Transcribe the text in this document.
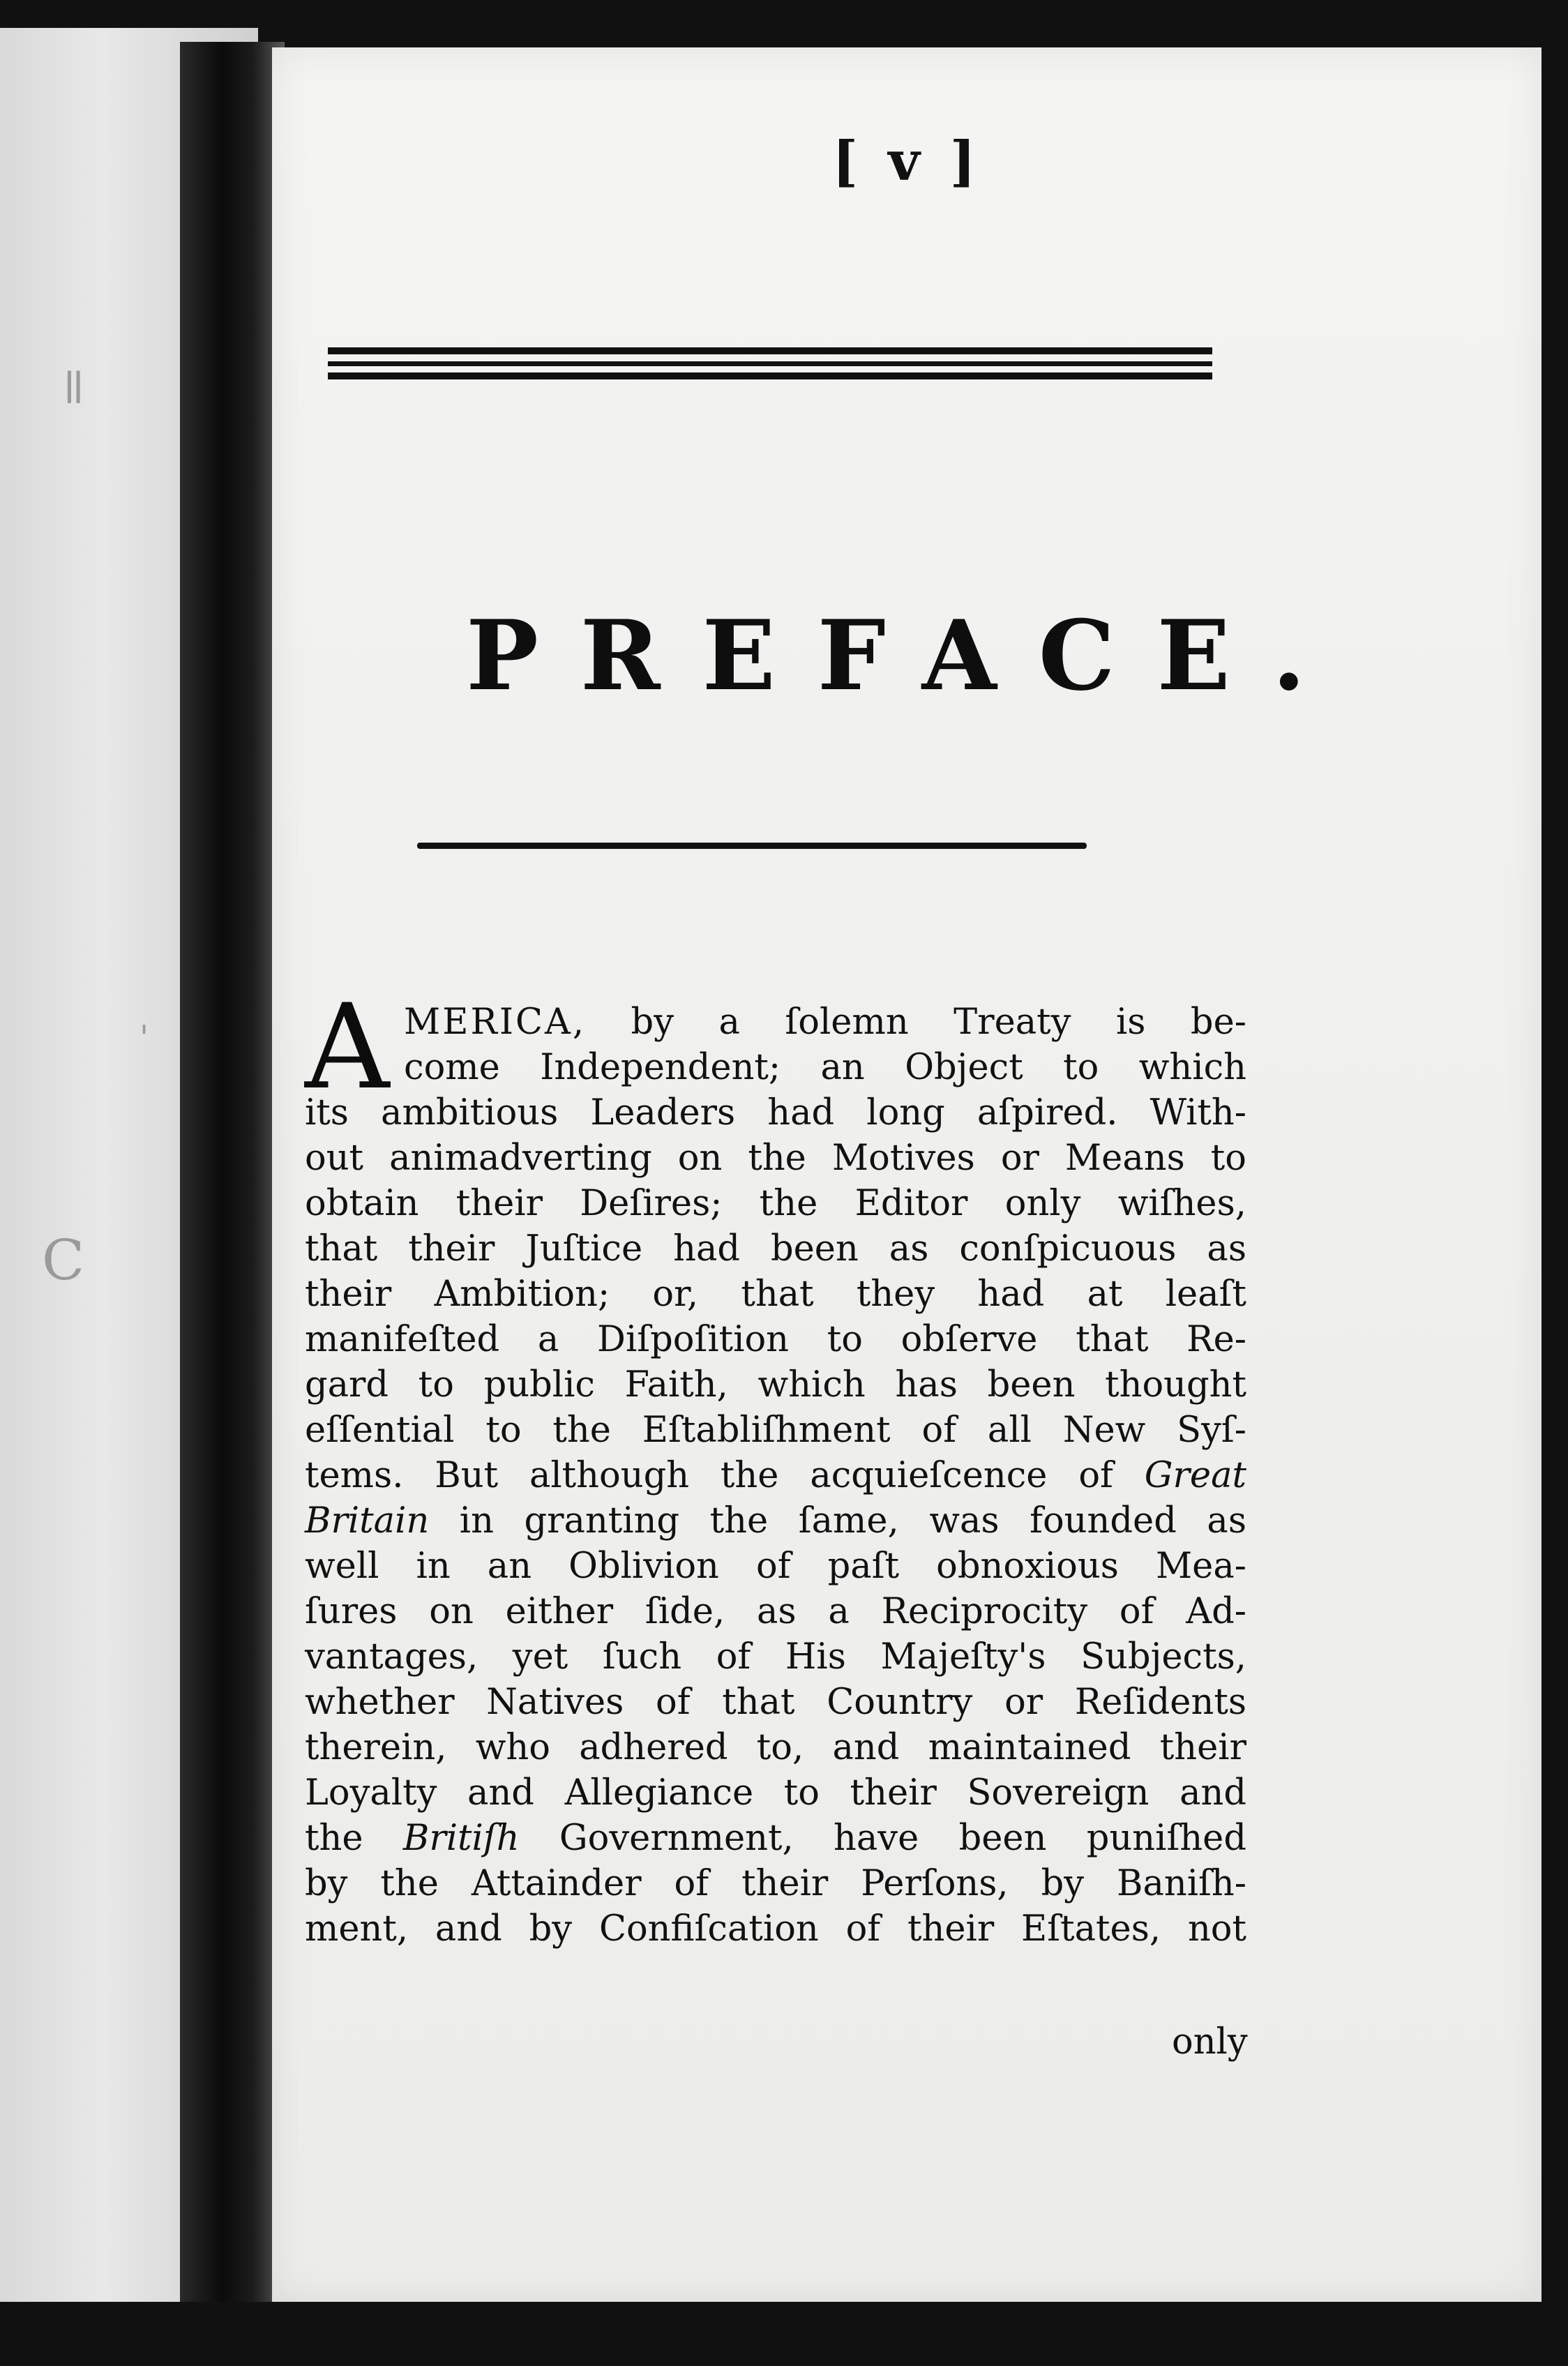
ǁ
C
'
[ v ]
PREFACE.
A MERICA, by a ſolemn Treaty is be-
come Independent; an Object to which
its ambitious Leaders had long aſpired. With-
out animadverting on the Motives or Means to
obtain their Deſires; the Editor only wiſhes,
that their Juſtice had been as conſpicuous as
their Ambition; or, that they had at leaſt
manifeſted a Diſpoſition to obſerve that Re-
gard to public Faith, which has been thought
eſſential to the Eſtabliſhment of all New Syſ-
tems. But although the acquieſcence of Great
Britain in granting the ſame, was founded as
well in an Oblivion of paſt obnoxious Mea-
ſures on either ſide, as a Reciprocity of Ad-
vantages, yet ſuch of His Majeſty's Subjects,
whether Natives of that Country or Reſidents
therein, who adhered to, and maintained their
Loyalty and Allegiance to their Sovereign and
the Britiſh Government, have been puniſhed
by the Attainder of their Perſons, by Baniſh-
ment, and by Confiſcation of their Eſtates, not
only
